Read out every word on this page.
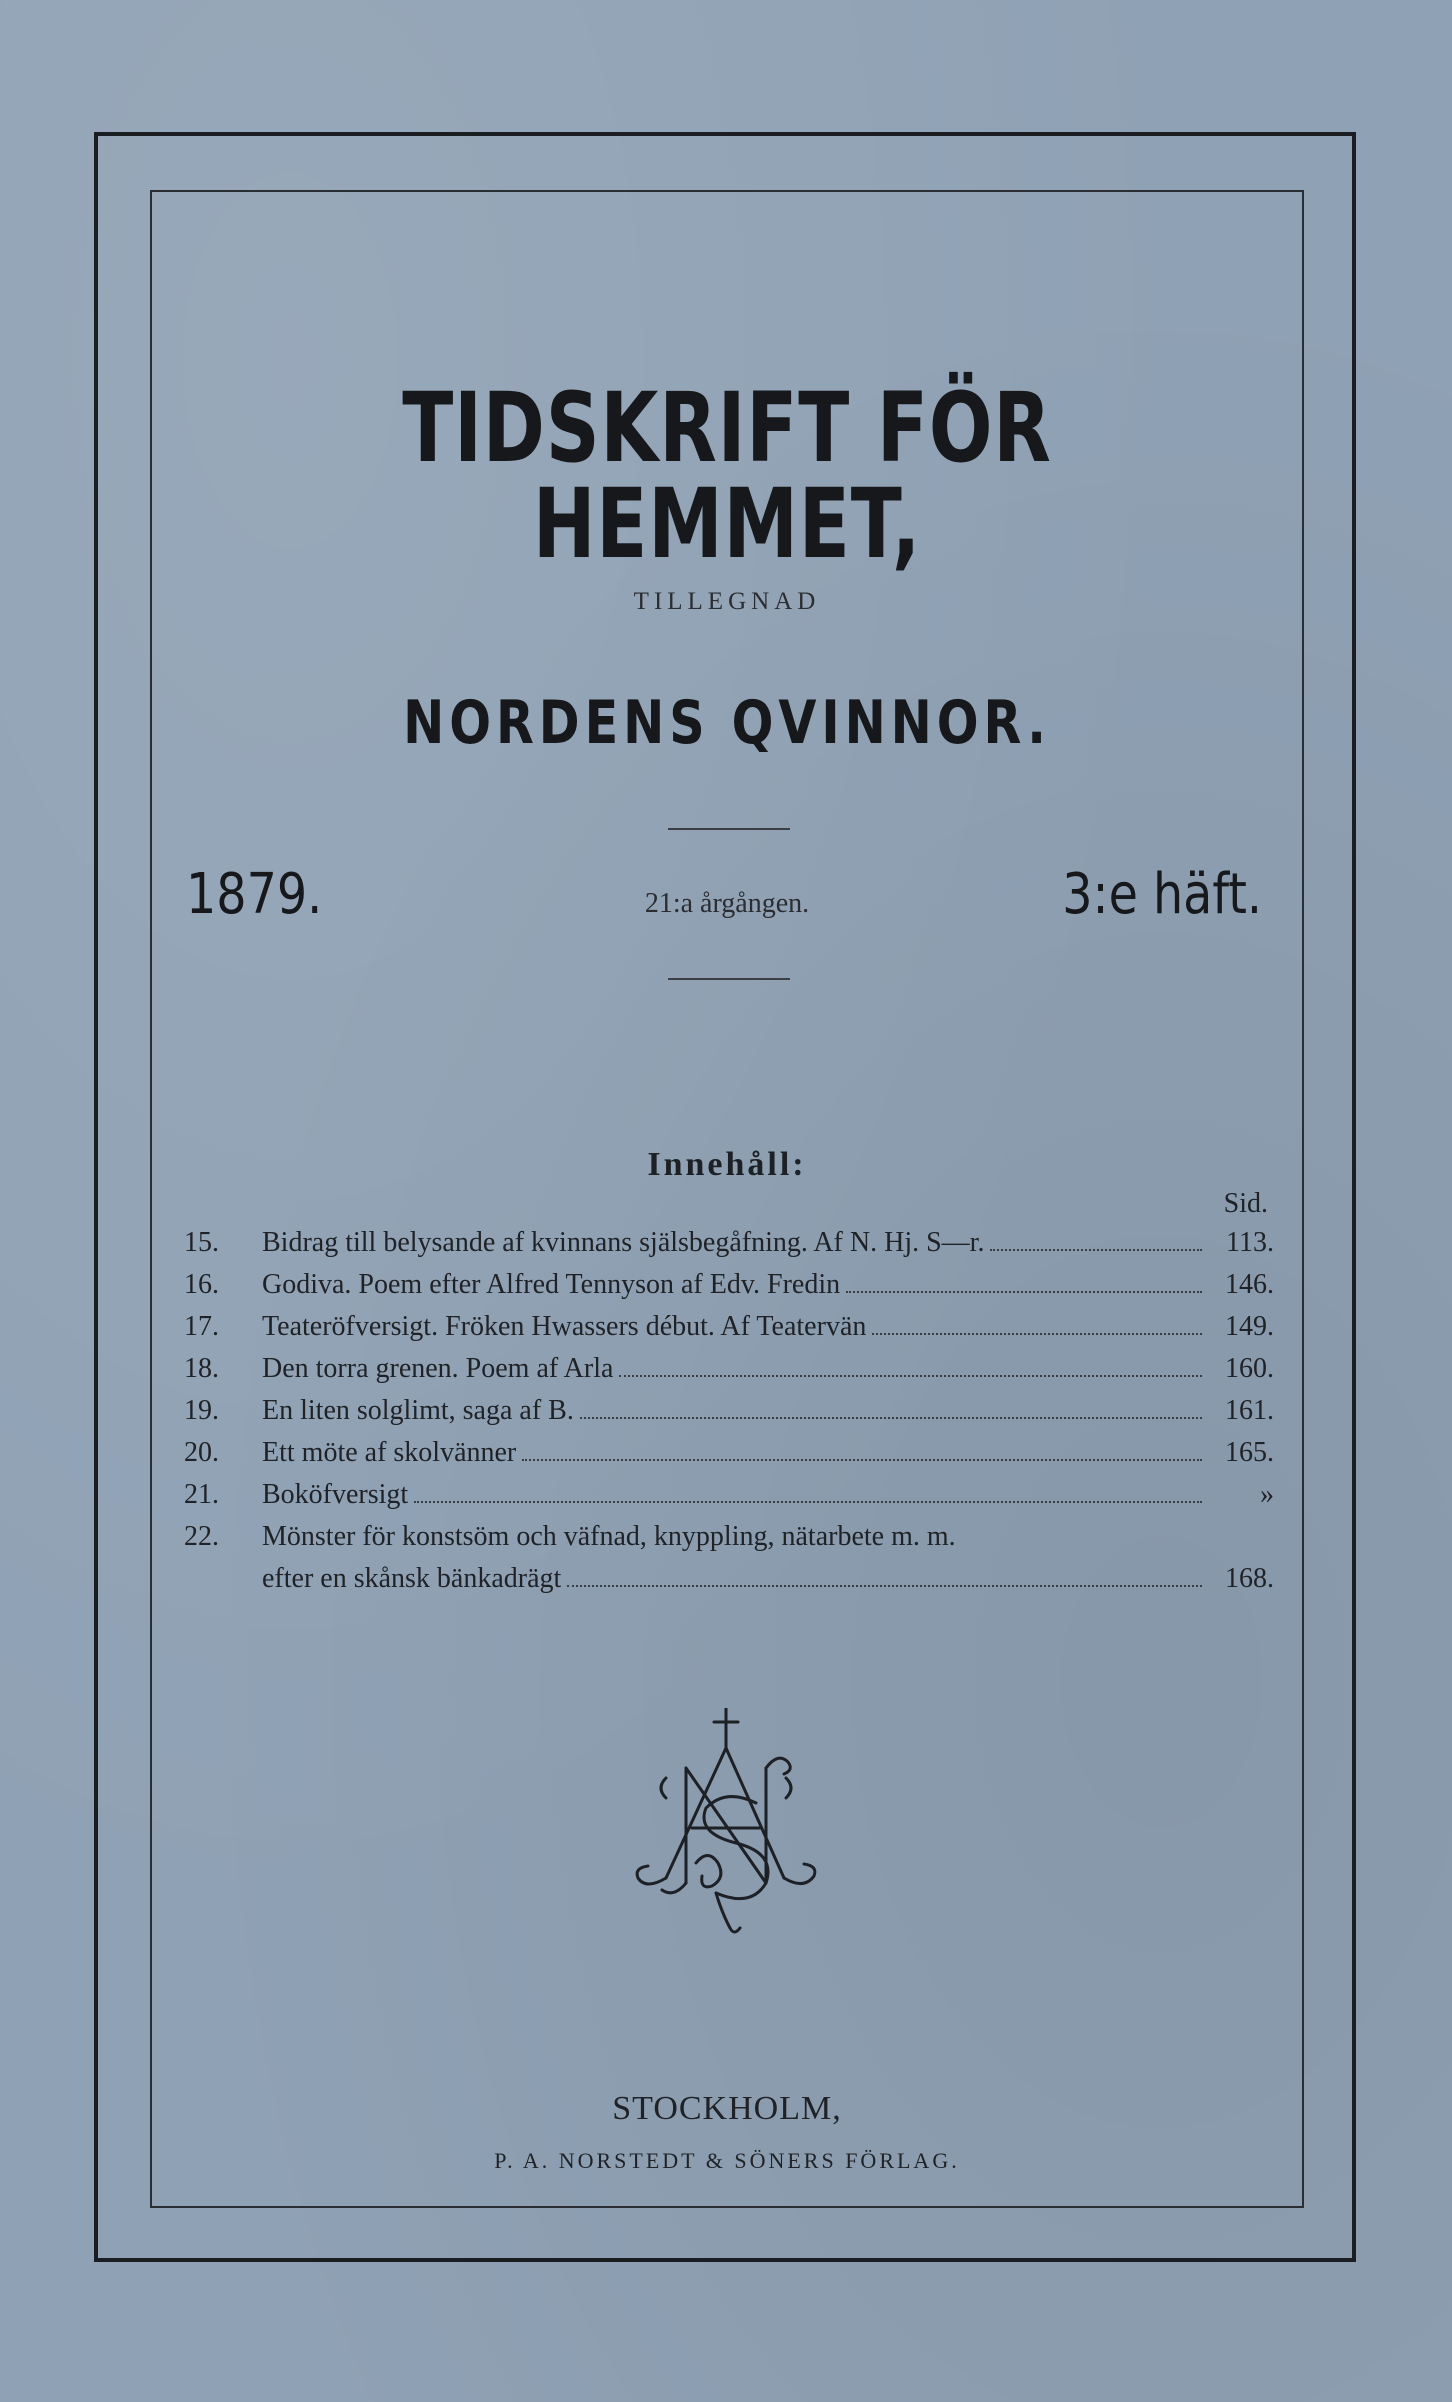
TIDSKRIFT FÖR HEMMET,
TILLEGNAD
NORDENS QVINNOR.
1879.	21:a årgången.	3:e häft.
Innehåll:
Sid.
15.	Bidrag till belysande af kvinnans själsbegåfning. Af N. Hj. S—r.	113.
16.	Godiva. Poem efter Alfred Tennyson af Edv. Fredin	146.
17.	Teateröfversigt. Fröken Hwassers début. Af Teatervän	149.
18.	Den torra grenen. Poem af Arla	160.
19.	En liten solglimt, saga af B.	161.
20.	Ett möte af skolvänner	165.
21.	Boköfversigt	»
22.	Mönster för konstsöm och väfnad, knyppling, nätarbete m. m.
efter en skånsk bänkadrägt	168.
STOCKHOLM,
P. A. NORSTEDT & SÖNERS FÖRLAG.
